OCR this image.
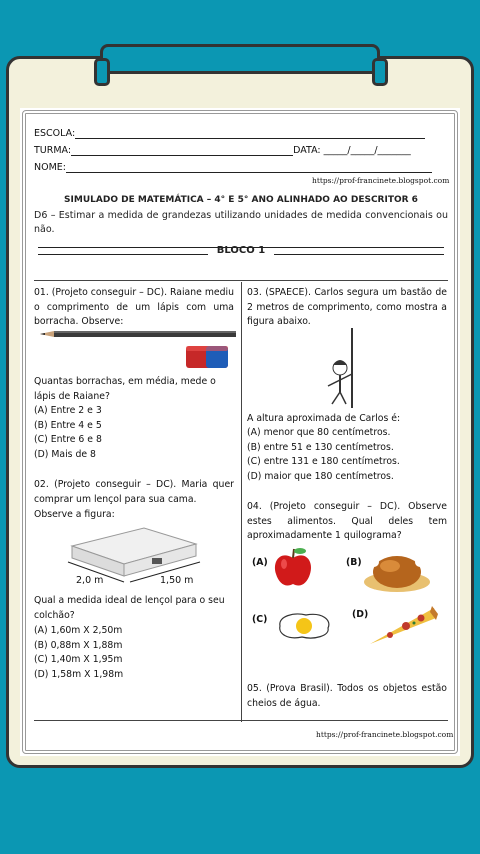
ESCOLA:
TURMA:	DATA: _____/_____/_______
NOME:
https://prof-francinete.blogspot.com
SIMULADO DE MATEMÁTICA – 4° E 5° ANO ALINHADO AO DESCRITOR 6
D6 – Estimar a medida de grandezas utilizando unidades de medida convencionais ou não.
BLOCO 1
01. (Projeto conseguir – DC). Raiane mediu o comprimento de um lápis com uma borracha. Observe:
Quantas borrachas, em média, mede o lápis de Raiane?

(A) Entre 2 e 3

(B) Entre 4 e 5

(C) Entre 6 e 8

(D) Mais de 8

02. (Projeto conseguir – DC). Maria quer comprar um lençol para sua cama.
Observe a figura:
2,0 m	1,50 m
Qual a medida ideal de lençol para o seu colchão?

(A) 1,60m X 2,50m

(B) 0,88m X 1,88m

(C) 1,40m X 1,95m

(D) 1,58m X 1,98m

03. (SPAECE). Carlos segura um bastão de 2 metros de comprimento, como mostra a figura abaixo.
A altura aproximada de Carlos é:

(A) menor que 80 centímetros.

(B) entre 51 e 130 centímetros.

(C) entre 131 e 180 centímetros.

(D) maior que 180 centímetros.

04. (Projeto conseguir – DC). Observe estes alimentos. Qual deles tem aproximadamente 1 quilograma?
(A)	(B)
(C)	(D)
05. (Prova Brasil). Todos os objetos estão cheios de água.
https://prof-francinete.blogspot.com
